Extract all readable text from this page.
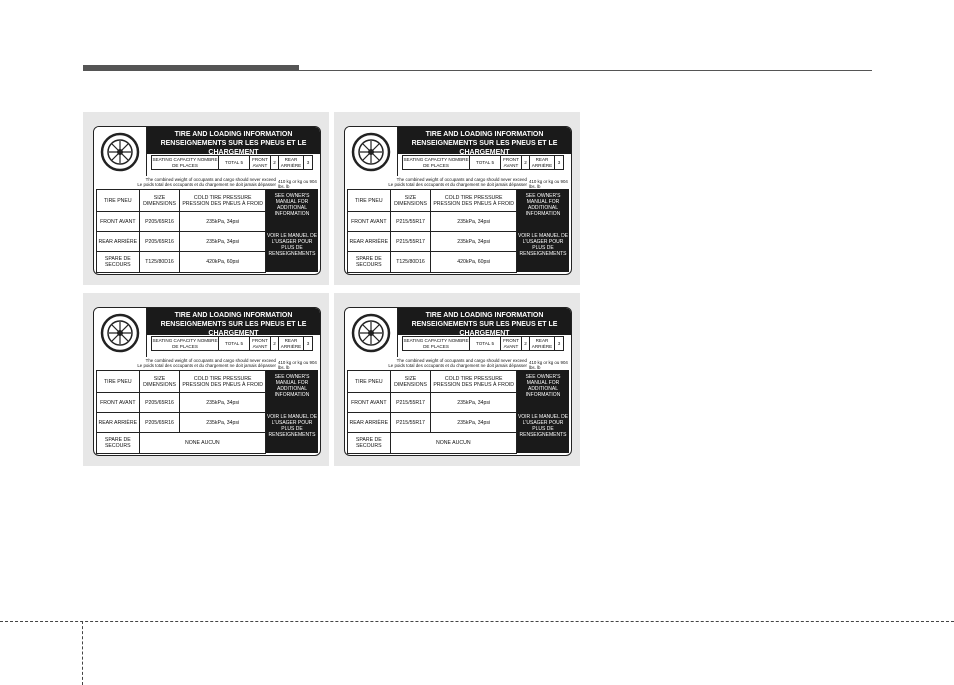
TIRE AND LOADING INFORMATION
RENSEIGNEMENTS SUR LES PNEUS ET LE CHARGEMENT
SEATING CAPACITY NOMBRE DE PLACES
TOTAL 5
FRONT AVANT
2
REAR ARRIÈRE
3
The combined weight of occupants and cargo should never exceed
Le poids total des occupants et du chargement ne doit jamais dépasser
410 kg or kg ou 904 lbs. lb
TIRE PNEU	SIZE DIMENSIONS	COLD TIRE PRESSURE PRESSION DES PNEUS À FROID
FRONT AVANT	P205/65R16	235kPa, 34psi
REAR ARRIÈRE	P205/65R16	235kPa, 34psi
SPARE DE SECOURS	T125/80D16	420kPa, 60psi
SEE OWNER'S MANUAL FOR ADDITIONAL INFORMATION
VOIR LE MANUEL DE L'USAGER POUR PLUS DE RENSEIGNEMENTS
TIRE AND LOADING INFORMATION
RENSEIGNEMENTS SUR LES PNEUS ET LE CHARGEMENT
SEATING CAPACITY NOMBRE DE PLACES
TOTAL 5
FRONT AVANT
2
REAR ARRIÈRE
3
The combined weight of occupants and cargo should never exceed
Le poids total des occupants et du chargement ne doit jamais dépasser
410 kg or kg ou 904 lbs. lb
TIRE PNEU	SIZE DIMENSIONS	COLD TIRE PRESSURE PRESSION DES PNEUS À FROID
FRONT AVANT	P215/55R17	235kPa, 34psi
REAR ARRIÈRE	P215/55R17	235kPa, 34psi
SPARE DE SECOURS	T125/80D16	420kPa, 60psi
SEE OWNER'S MANUAL FOR ADDITIONAL INFORMATION
VOIR LE MANUEL DE L'USAGER POUR PLUS DE RENSEIGNEMENTS
TIRE AND LOADING INFORMATION
RENSEIGNEMENTS SUR LES PNEUS ET LE CHARGEMENT
SEATING CAPACITY NOMBRE DE PLACES
TOTAL 5
FRONT AVANT
2
REAR ARRIÈRE
3
The combined weight of occupants and cargo should never exceed
Le poids total des occupants et du chargement ne doit jamais dépasser
410 kg or kg ou 904 lbs. lb
TIRE PNEU	SIZE DIMENSIONS	COLD TIRE PRESSURE PRESSION DES PNEUS À FROID
FRONT AVANT	P205/65R16	235kPa, 34psi
REAR ARRIÈRE	P205/65R16	235kPa, 34psi
SPARE DE SECOURS	NONE AUCUN	
SEE OWNER'S MANUAL FOR ADDITIONAL INFORMATION
VOIR LE MANUEL DE L'USAGER POUR PLUS DE RENSEIGNEMENTS
TIRE AND LOADING INFORMATION
RENSEIGNEMENTS SUR LES PNEUS ET LE CHARGEMENT
SEATING CAPACITY NOMBRE DE PLACES
TOTAL 5
FRONT AVANT
2
REAR ARRIÈRE
3
The combined weight of occupants and cargo should never exceed
Le poids total des occupants et du chargement ne doit jamais dépasser
410 kg or kg ou 904 lbs. lb
TIRE PNEU	SIZE DIMENSIONS	COLD TIRE PRESSURE PRESSION DES PNEUS À FROID
FRONT AVANT	P215/55R17	235kPa, 34psi
REAR ARRIÈRE	P215/55R17	235kPa, 34psi
SPARE DE SECOURS	NONE AUCUN	
SEE OWNER'S MANUAL FOR ADDITIONAL INFORMATION
VOIR LE MANUEL DE L'USAGER POUR PLUS DE RENSEIGNEMENTS
